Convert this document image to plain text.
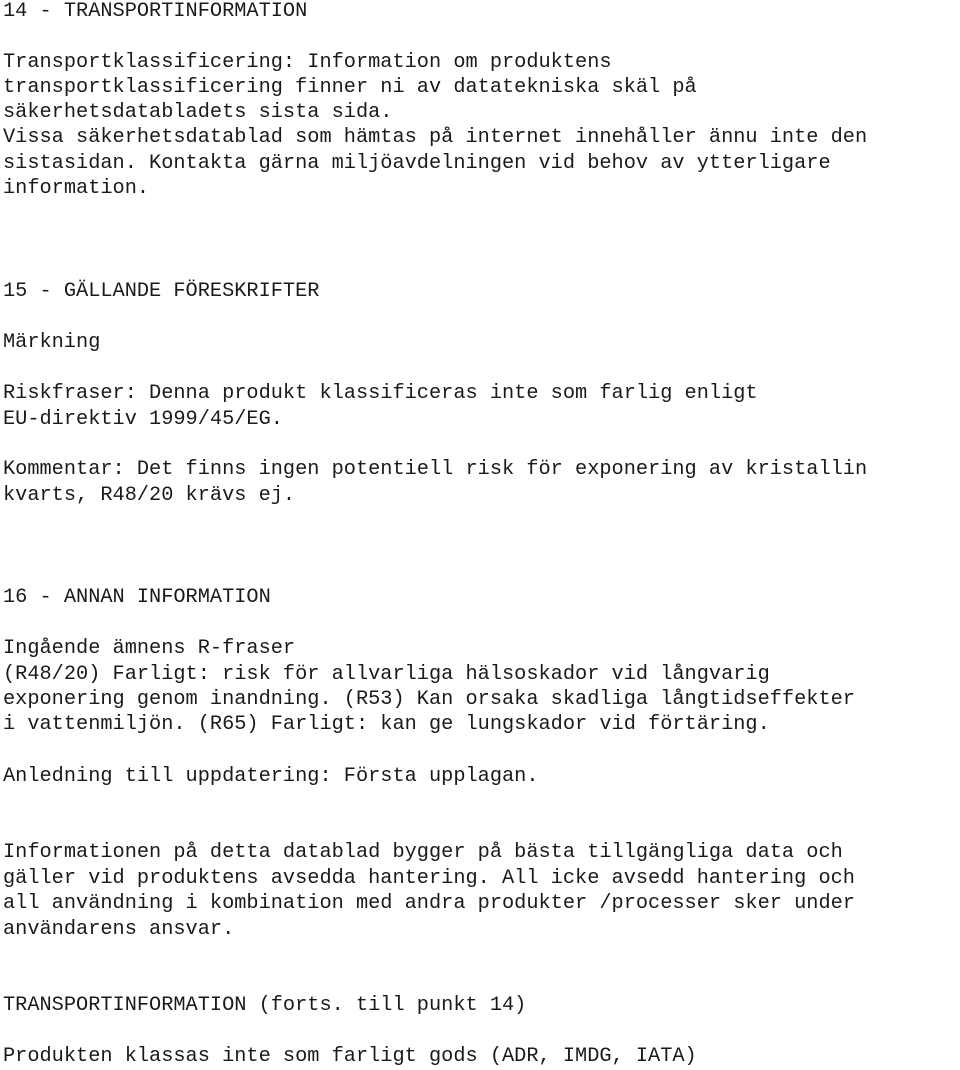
14 - TRANSPORTINFORMATION
Transportklassificering: Information om produktens
transportklassificering finner ni av datatekniska skäl på
säkerhetsdatabladets sista sida.
Vissa säkerhetsdatablad som hämtas på internet innehåller ännu inte den
sistasidan. Kontakta gärna miljöavdelningen vid behov av ytterligare
information.
15 - GÄLLANDE FÖRESKRIFTER
Märkning
Riskfraser: Denna produkt klassificeras inte som farlig enligt
EU-direktiv 1999/45/EG.
Kommentar: Det finns ingen potentiell risk för exponering av kristallin
kvarts, R48/20 krävs ej.
16 - ANNAN INFORMATION
Ingående ämnens R-fraser
(R48/20) Farligt: risk för allvarliga hälsoskador vid långvarig
exponering genom inandning. (R53) Kan orsaka skadliga långtidseffekter
i vattenmiljön. (R65) Farligt: kan ge lungskador vid förtäring.
Anledning till uppdatering: Första upplagan.
Informationen på detta datablad bygger på bästa tillgängliga data och
gäller vid produktens avsedda hantering. All icke avsedd hantering och
all användning i kombination med andra produkter /processer sker under
användarens ansvar.
TRANSPORTINFORMATION (forts. till punkt 14)
Produkten klassas inte som farligt gods (ADR, IMDG, IATA)
